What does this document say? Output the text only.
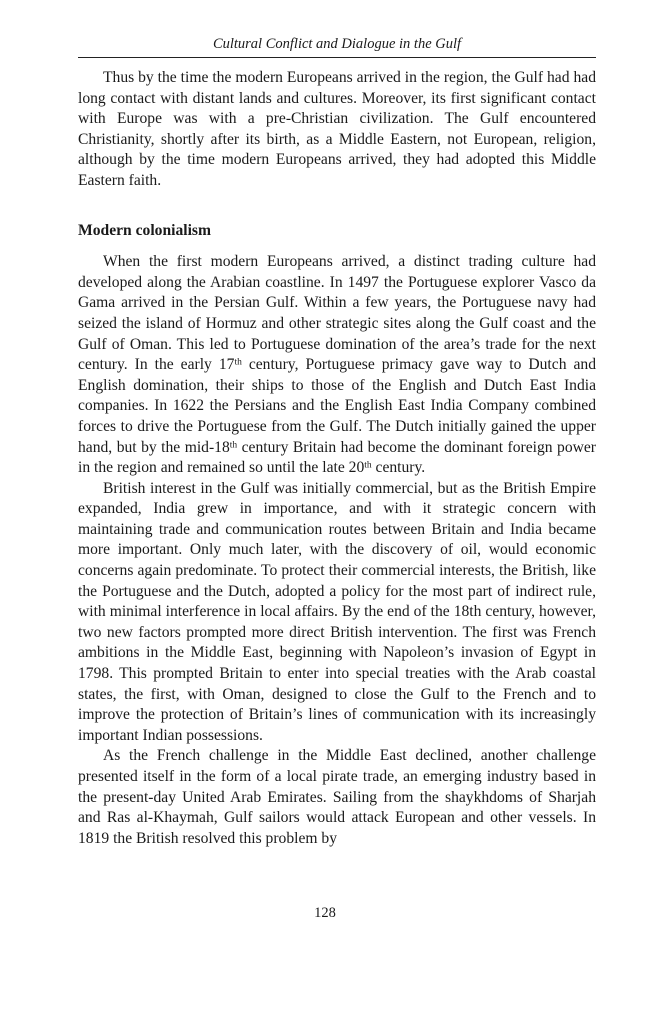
Cultural Conflict and Dialogue in the Gulf

Thus by the time the modern Europeans arrived in the region, the Gulf had had long contact with distant lands and cultures. Moreover, its first significant contact with Europe was with a pre-Christian civilization. The Gulf encountered Christianity, shortly after its birth, as a Middle Eastern, not European, religion, although by the time modern Europeans arrived, they had adopted this Middle Eastern faith.

Modern colonialism

When the first modern Europeans arrived, a distinct trading culture had developed along the Arabian coastline. In 1497 the Portuguese explorer Vasco da Gama arrived in the Persian Gulf. Within a few years, the Portuguese navy had seized the island of Hormuz and other strategic sites along the Gulf coast and the Gulf of Oman. This led to Portuguese domination of the area’s trade for the next century. In the early 17th century, Portuguese primacy gave way to Dutch and English domination, their ships to those of the English and Dutch East India companies. In 1622 the Persians and the English East India Company combined forces to drive the Portuguese from the Gulf. The Dutch initially gained the upper hand, but by the mid-18th century Britain had become the dominant foreign power in the region and remained so until the late 20th century.

British interest in the Gulf was initially commercial, but as the British Empire expanded, India grew in importance, and with it strategic concern with maintaining trade and communication routes between Britain and India became more important. Only much later, with the discovery of oil, would economic concerns again predominate. To protect their commercial interests, the British, like the Portuguese and the Dutch, adopted a policy for the most part of indirect rule, with minimal interference in local affairs. By the end of the 18th century, however, two new factors prompted more direct British intervention. The first was French ambitions in the Middle East, beginning with Napoleon’s invasion of Egypt in 1798. This prompted Britain to enter into special treaties with the Arab coastal states, the first, with Oman, designed to close the Gulf to the French and to improve the protection of Britain’s lines of communication with its increasingly important Indian possessions.

As the French challenge in the Middle East declined, another challenge presented itself in the form of a local pirate trade, an emerging industry based in the present-day United Arab Emirates. Sailing from the shaykhdoms of Sharjah and Ras al-Khaymah, Gulf sailors would attack European and other vessels. In 1819 the British resolved this problem by

128
